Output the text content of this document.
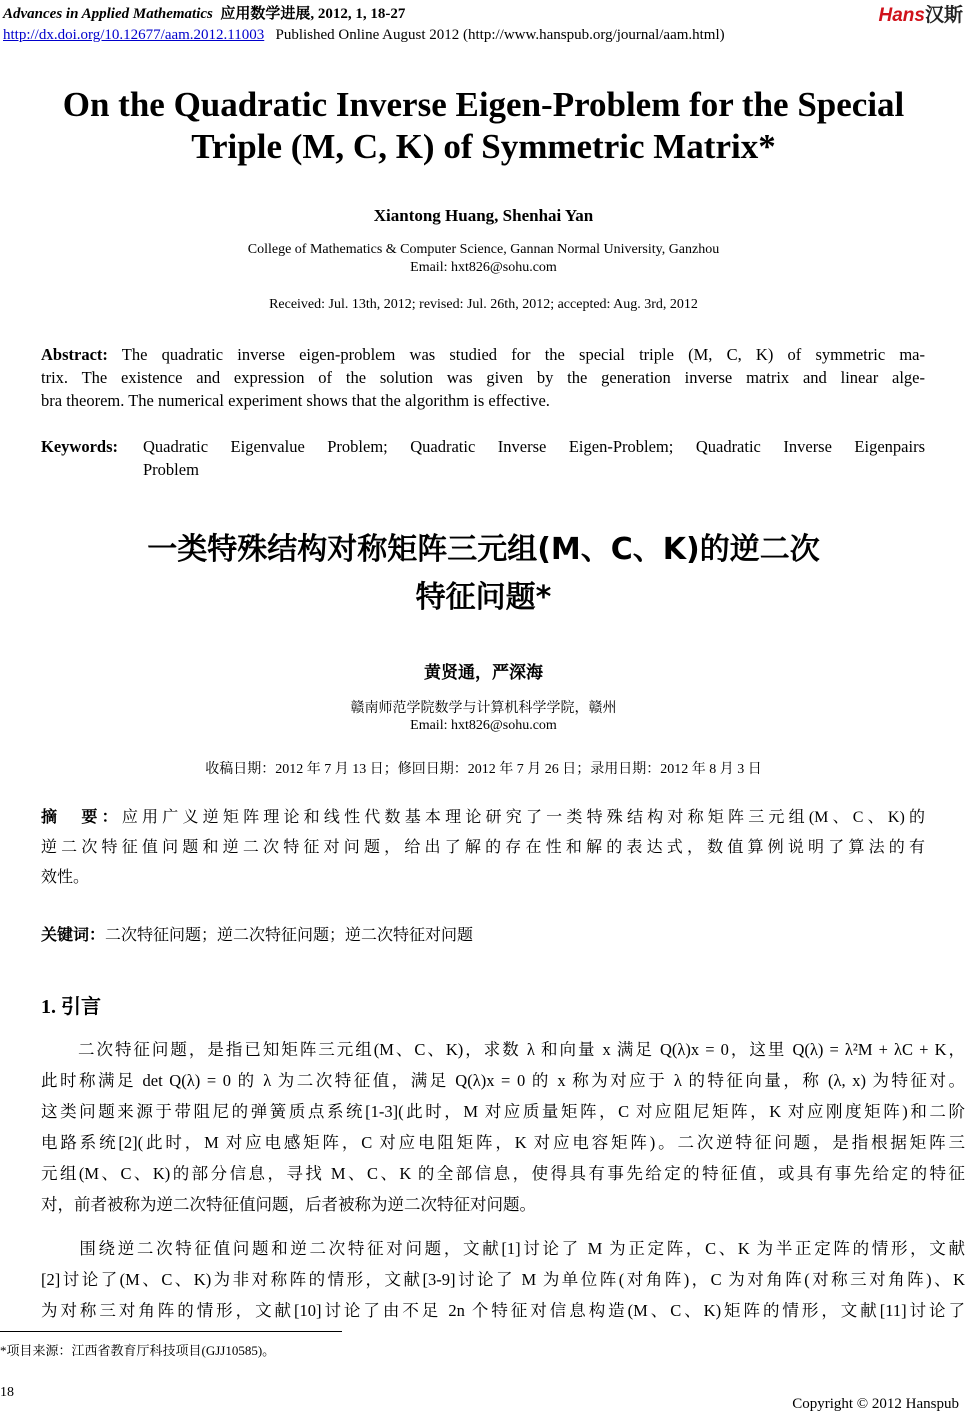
Advances in Applied Mathematics 应用数学进展, 2012, 1, 18-27
http://dx.doi.org/10.12677/aam.2012.11003 Published Online August 2012 (http://www.hanspub.org/journal/aam.html)
Hans汉斯
On the Quadratic Inverse Eigen-Problem for the Special
Triple (M, C, K) of Symmetric Matrix*
Xiantong Huang, Shenhai Yan
College of Mathematics & Computer Science, Gannan Normal University, Ganzhou
Email: hxt826@sohu.com
Received: Jul. 13th, 2012; revised: Jul. 26th, 2012; accepted: Aug. 3rd, 2012
Abstract: The quadratic inverse eigen-problem was studied for the special triple (M, C, K) of symmetric ma-
trix. The existence and expression of the solution was given by the generation inverse matrix and linear alge-
bra theorem. The numerical experiment shows that the algorithm is effective.
Keywords:	Quadratic Eigenvalue Problem; Quadratic Inverse Eigen-Problem; Quadratic Inverse Eigenpairs
Problem
一类特殊结构对称矩阵三元组(M、C、K)的逆二次
特征问题*
黄贤通，严深海
赣南师范学院数学与计算机科学学院，赣州
Email: hxt826@sohu.com
收稿日期：2012 年 7 月 13 日；修回日期：2012 年 7 月 26 日；录用日期：2012 年 8 月 3 日
摘　要：应用广义逆矩阵理论和线性代数基本理论研究了一类特殊结构对称矩阵三元组(M、C、K)的
逆二次特征值问题和逆二次特征对问题，给出了解的存在性和解的表达式，数值算例说明了算法的有
效性。
关键词：二次特征问题；逆二次特征问题；逆二次特征对问题
1. 引言
　　二次特征问题，是指已知矩阵三元组(M、C、K)，求数 λ 和向量 x 满足 Q(λ)x = 0，这里 Q(λ) = λ²M + λC + K，
此时称满足 det Q(λ) = 0 的 λ 为二次特征值，满足 Q(λ)x = 0 的 x 称为对应于 λ 的特征向量，称 (λ, x) 为特征对。
这类问题来源于带阻尼的弹簧质点系统[1-3](此时，M 对应质量矩阵，C 对应阻尼矩阵，K 对应刚度矩阵)和二阶
电路系统[2](此时，M 对应电感矩阵，C 对应电阻矩阵，K 对应电容矩阵)。二次逆特征问题，是指根据矩阵三
元组(M、C、K)的部分信息，寻找 M、C、K 的全部信息，使得具有事先给定的特征值，或具有事先给定的特征
对，前者被称为逆二次特征值问题，后者被称为逆二次特征对问题。
　　围绕逆二次特征值问题和逆二次特征对问题，文献[1]讨论了 M 为正定阵，C、K 为半正定阵的情形，文献
[2]讨论了(M、C、K)为非对称阵的情形，文献[3-9]讨论了 M 为单位阵(对角阵)，C 为对角阵(对称三对角阵)、K
为对称三对角阵的情形，文献[10]讨论了由不足 2n 个特征对信息构造(M、C、K)矩阵的情形，文献[11]讨论了
*项目来源：江西省教育厅科技项目(GJJ10585)。
18
Copyright © 2012 Hanspub
